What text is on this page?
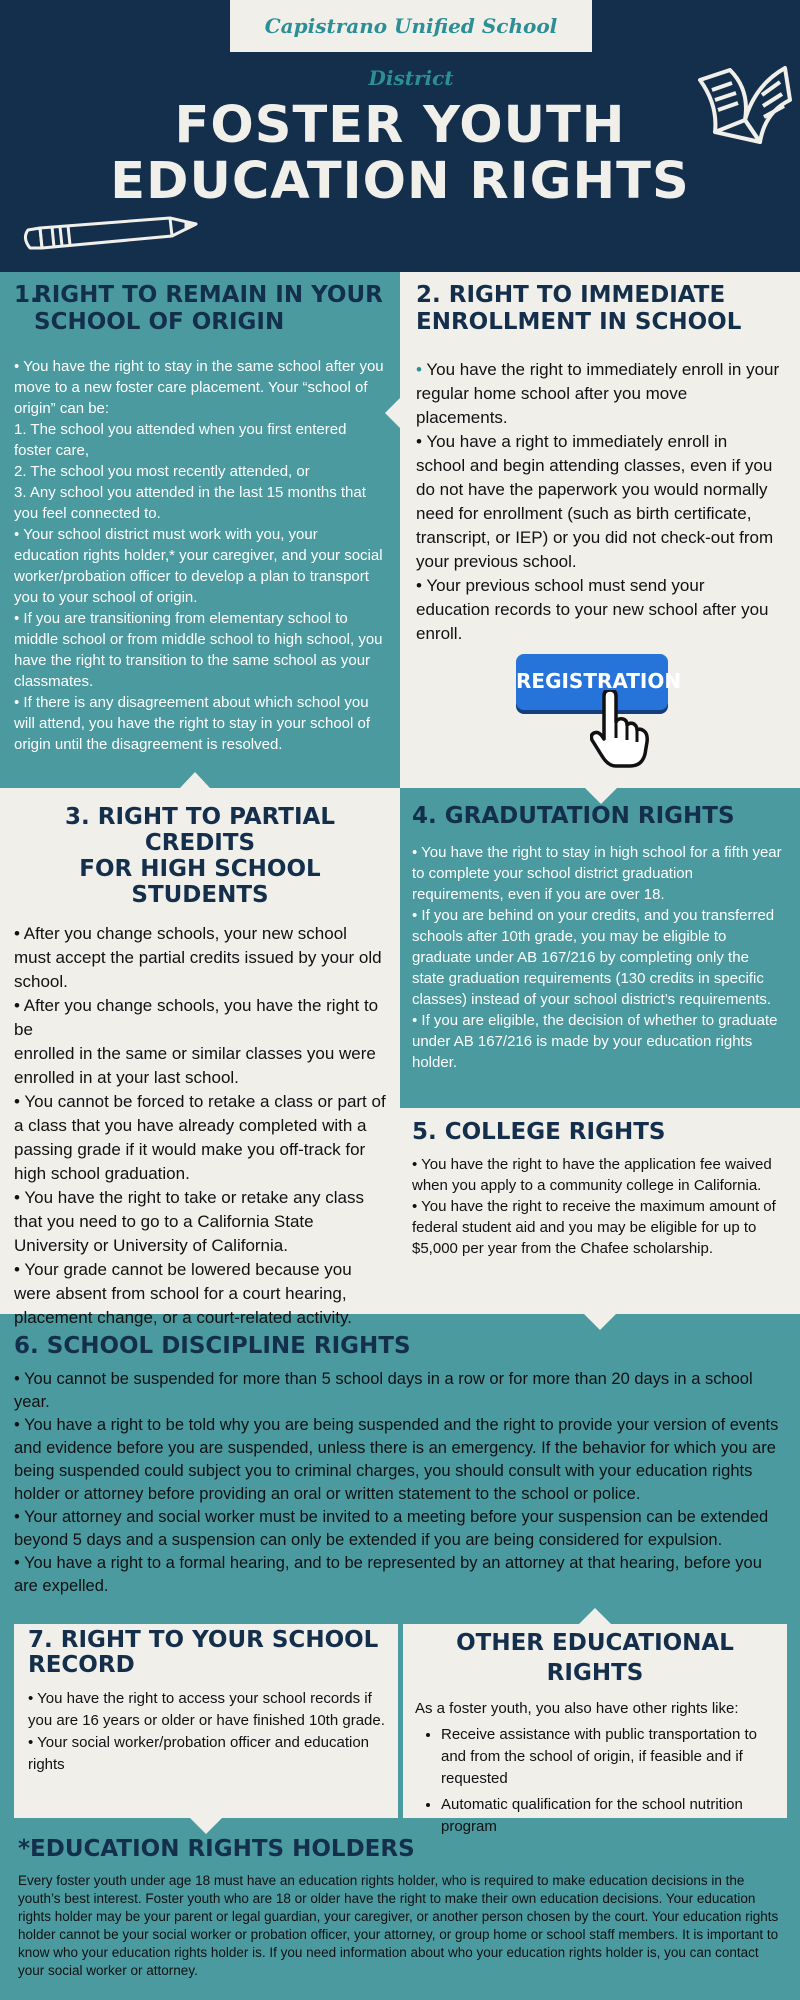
Capistrano Unified School District
FOSTER YOUTH
EDUCATION RIGHTS
1.
RIGHT TO REMAIN IN YOUR
SCHOOL OF ORIGIN

• You have the right to stay in the same school after you move to a new foster care placement. Your “school of origin” can be:

1. The school you attended when you first entered foster care,

2. The school you most recently attended, or

3. Any school you attended in the last 15 months that you feel connected to.

• Your school district must work with you, your education rights holder,* your caregiver, and your social worker/probation officer to develop a plan to transport you to your school of origin.

• If you are transitioning from elementary school to middle school or from middle school to high school, you have the right to transition to the same school as your classmates.

• If there is any disagreement about which school you will attend, you have the right to stay in your school of origin until the disagreement is resolved.

2. RIGHT TO IMMEDIATE
ENROLLMENT IN SCHOOL

• You have the right to immediately enroll in your regular home school after you move placements.

• You have a right to immediately enroll in school and begin attending classes, even if you do not have the paperwork you would normally need for enrollment (such as birth certificate, transcript, or IEP) or you did not check-out from your previous school.

• Your previous school must send your education records to your new school after you enroll.

REGISTRATION
3. RIGHT TO PARTIAL CREDITS
FOR HIGH SCHOOL STUDENTS

• After you change schools, your new school must accept the partial credits issued by your old school.

• After you change schools, you have the right to be

enrolled in the same or similar classes you were enrolled in at your last school.

• You cannot be forced to retake a class or part of a class that you have already completed with a passing grade if it would make you off-track for high school graduation.

• You have the right to take or retake any class that you need to go to a California State University or University of California.

• Your grade cannot be lowered because you were absent from school for a court hearing, placement change, or a court-related activity.

4. GRADUTATION RIGHTS

• You have the right to stay in high school for a fifth year to complete your school district graduation requirements, even if you are over 18.

• If you are behind on your credits, and you transferred schools after 10th grade, you may be eligible to graduate under AB 167/216 by completing only the state graduation requirements (130 credits in specific classes) instead of your school district’s requirements.

• If you are eligible, the decision of whether to graduate under AB 167/216 is made by your education rights holder.

5. COLLEGE RIGHTS

• You have the right to have the application fee waived when you apply to a community college in California.

• You have the right to receive the maximum amount of federal student aid and you may be eligible for up to $5,000 per year from the Chafee scholarship.

6. SCHOOL DISCIPLINE RIGHTS

• You cannot be suspended for more than 5 school days in a row or for more than 20 days in a school year.

• You have a right to be told why you are being suspended and the right to provide your version of events and evidence before you are suspended, unless there is an emergency. If the behavior for which you are being suspended could subject you to criminal charges, you should consult with your education rights holder or attorney before providing an oral or written statement to the school or police.

• Your attorney and social worker must be invited to a meeting before your suspension can be extended beyond 5 days and a suspension can only be extended if you are being considered for expulsion.

• You have a right to a formal hearing, and to be represented by an attorney at that hearing, before you are expelled.

7. RIGHT TO YOUR SCHOOL
RECORD

• You have the right to access your school records if you are 16 years or older or have finished 10th grade.

• Your social worker/probation officer and education rights

OTHER EDUCATIONAL RIGHTS

As a foster youth, you also have other rights like:

• Receive assistance with public transportation to and from the school of origin, if feasible and if requested
• Automatic qualification for the school nutrition program
*EDUCATION RIGHTS HOLDERS

Every foster youth under age 18 must have an education rights holder, who is required to make education decisions in the youth’s best interest. Foster youth who are 18 or older have the right to make their own education decisions. Your education rights holder may be your parent or legal guardian, your caregiver, or another person chosen by the court. Your education rights holder cannot be your social worker or probation officer, your attorney, or group home or school staff members. It is important to know who your education rights holder is. If you need information about who your education rights holder is, you can contact your social worker or attorney.
